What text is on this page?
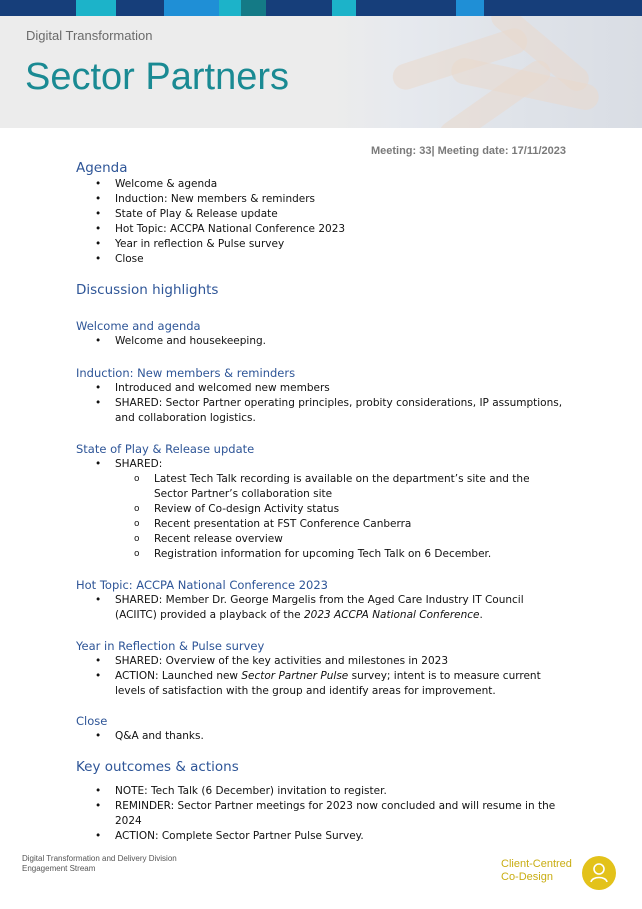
Digital Transformation
Sector Partners
Meeting: 33| Meeting date: 17/11/2023
Agenda
• Welcome & agenda
• Induction: New members & reminders
• State of Play & Release update
• Hot Topic: ACCPA National Conference 2023
• Year in reflection & Pulse survey
• Close
Discussion highlights
Welcome and agenda
• Welcome and housekeeping.
Induction: New members & reminders
• Introduced and welcomed new members
• SHARED: Sector Partner operating principles, probity considerations, IP assumptions, and collaboration logistics.
State of Play & Release update
• SHARED:
o Latest Tech Talk recording is available on the department’s site and the Sector Partner’s collaboration site
o Review of Co-design Activity status
o Recent presentation at FST Conference Canberra
o Recent release overview
o Registration information for upcoming Tech Talk on 6 December.
Hot Topic: ACCPA National Conference 2023
• SHARED: Member Dr. George Margelis from the Aged Care Industry IT Council (ACIITC) provided a playback of the 2023 ACCPA National Conference.
Year in Reflection & Pulse survey
• SHARED: Overview of the key activities and milestones in 2023
• ACTION: Launched new Sector Partner Pulse survey; intent is to measure current levels of satisfaction with the group and identify areas for improvement.
Close
• Q&A and thanks.
Key outcomes & actions
• NOTE: Tech Talk (6 December) invitation to register.
• REMINDER: Sector Partner meetings for 2023 now concluded and will resume in the 2024
• ACTION: Complete Sector Partner Pulse Survey.
Digital Transformation and Delivery Division
Engagement Stream	Client-Centred
Co-Design
